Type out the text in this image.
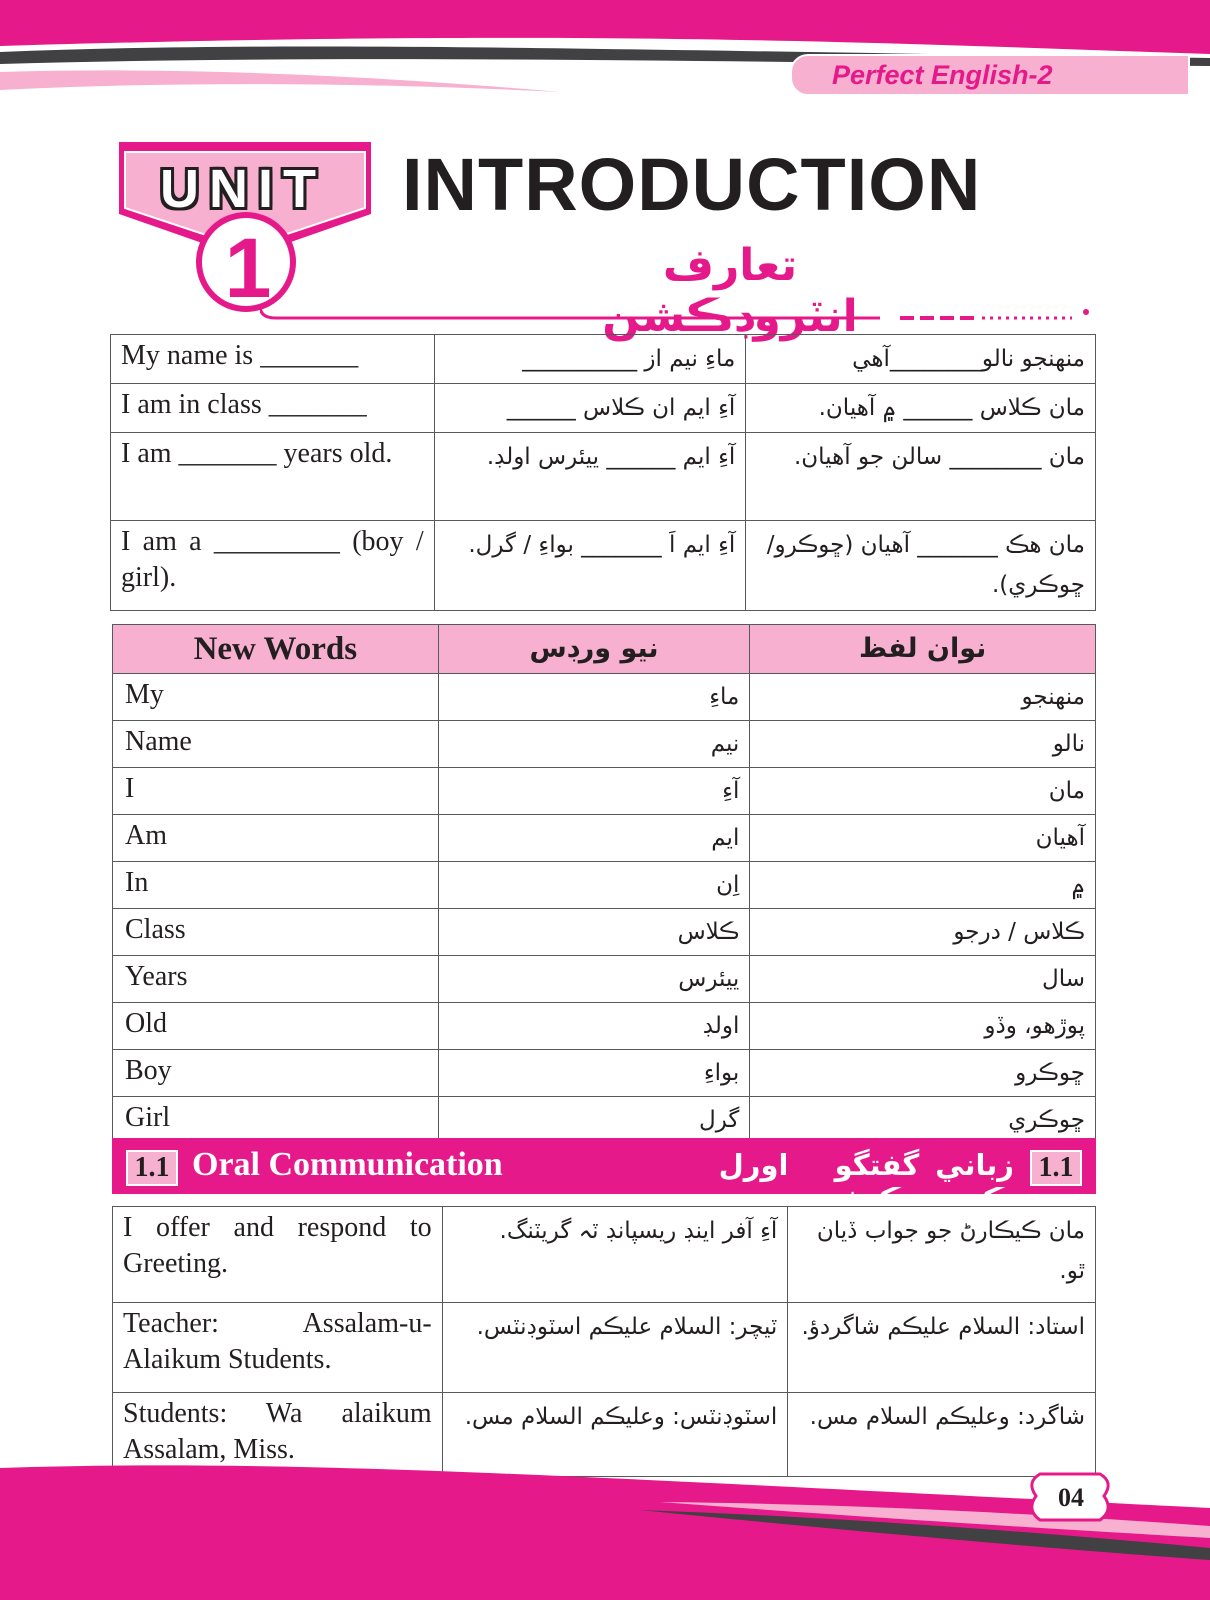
Perfect English-2
UNIT
1
INTRODUCTION
تعارف انٽروڊڪشن
My name is _______	ماءِ نيم از __________	منهنجو نالو________آهي
I am in class _______	آءِ ايم ان ڪلاس ______	مان ڪلاس ______ ۾ آهيان.
I am _______ years old.	آءِ ايم ______ ييئرس اولڊ.	مان ________ سالن جو آهيان.
I am a _________ (boy / girl).	آءِ ايم اَ _______ بواءِ / گرل.	مان هڪ _______ آهيان (ڇوڪرو/ڇوڪري).
New Words	نيو ورڊس	نوان لفظ
My	ماءِ	منهنجو
Name	نيم	نالو
I	آءِ	مان
Am	ايم	آهيان
In	اِن	۾
Class	ڪلاس	ڪلاس / درجو
Years	ييئرس	سال
Old	اولڊ	پوڙهو، وڏو
Boy	بواءِ	ڇوڪرو
Girl	گرل	ڇوڪري
1.1 Oral Communication	زباني گفتگو اورل ڪميونيڪيشن
1.1
I offer and respond to Greeting.	آءِ آفر اينڊ ريسپانڊ ٽہ گريٽنگ.	مان ڪيڪارڻ جو جواب ڏيان ٿو.
Teacher: Assalam-u-Alaikum Students.	ٽيچر: السلام عليڪم اسٽوڊنٽس.	استاد: السلام عليڪم شاگردؤ.
Students: Wa alaikum Assalam, Miss.	اسٽوڊنٽس: وعليڪم السلام مس.	شاگرد: وعليڪم السلام مس.
04
